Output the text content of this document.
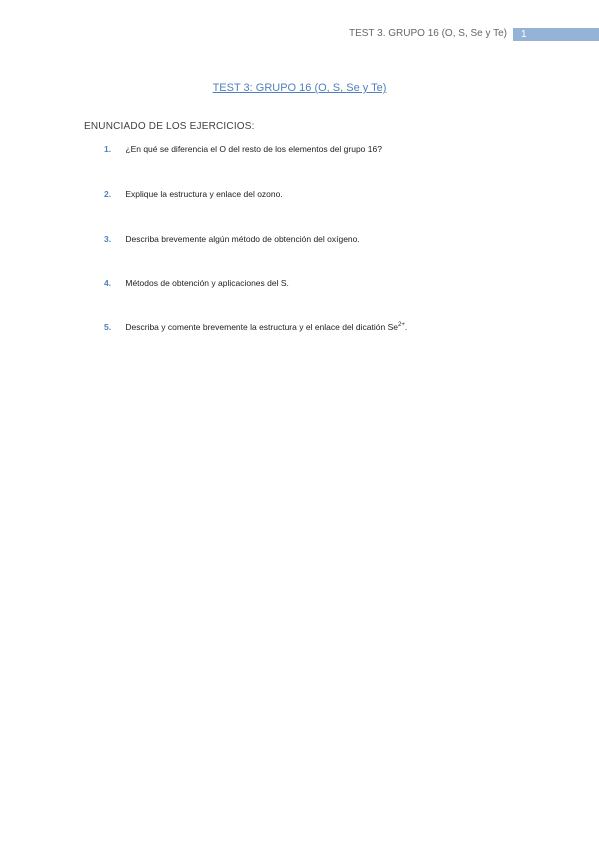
TEST 3. GRUPO 16 (O, S, Se y Te) 1
TEST 3: GRUPO 16 (O, S, Se y Te)
ENUNCIADO DE LOS EJERCICIOS:
1. ¿En qué se diferencia el O del resto de los elementos del grupo 16?
2. Explique la estructura y enlace del ozono.
3. Describa brevemente algún método de obtención del oxígeno.
4. Métodos de obtención y aplicaciones del S.
5. Describa y comente brevemente la estructura y el enlace del dicatión $Se^{2+}$.
